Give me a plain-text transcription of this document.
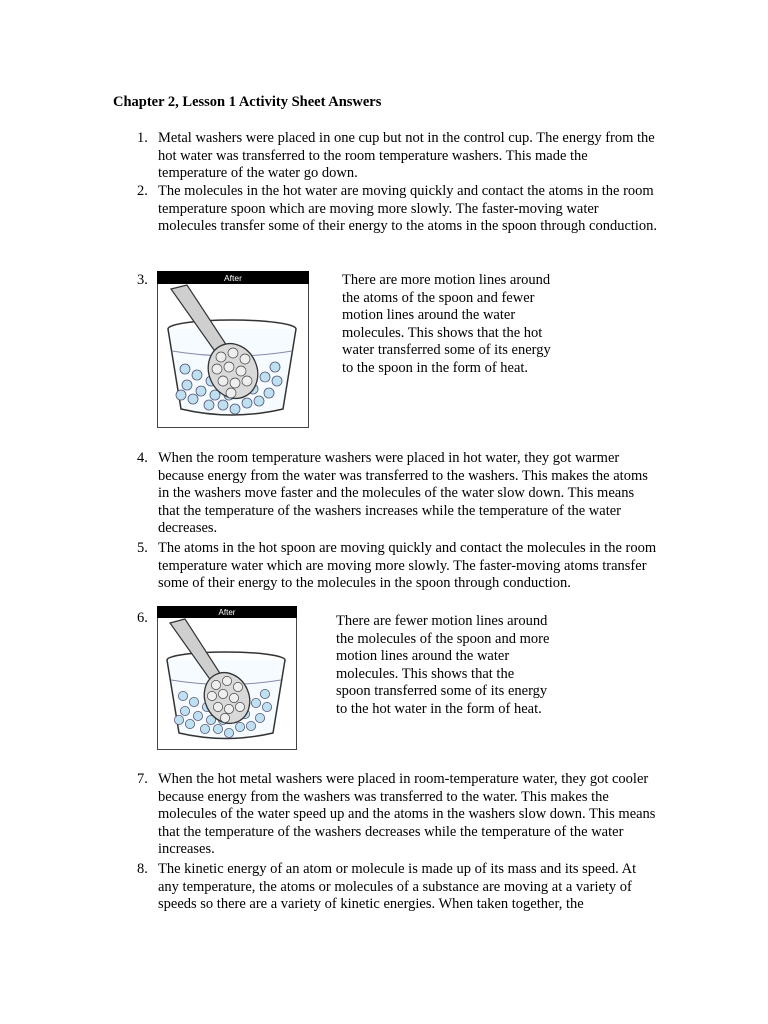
Chapter 2, Lesson 1 Activity Sheet Answers
1. Metal washers were placed in one cup but not in the control cup. The energy from the hot water was transferred to the room temperature washers. This made the temperature of the water go down.

2. The molecules in the hot water are moving quickly and contact the atoms in the room temperature spoon which are moving more slowly. The faster-moving water molecules transfer some of their energy to the atoms in the spoon through conduction.

3.	After	There are more motion lines around the atoms of the spoon and fewer motion lines around the water molecules. This shows that the hot water transferred some of its energy to the spoon in the form of heat.

4. When the room temperature washers were placed in hot water, they got warmer because energy from the water was transferred to the washers. This makes the atoms in the washers move faster and the molecules of the water slow down. This means that the temperature of the washers increases while the temperature of the water decreases.

5. The atoms in the hot spoon are moving quickly and contact the molecules in the room temperature water which are moving more slowly. The faster-moving atoms transfer some of their energy to the molecules in the spoon through conduction.

6.	After

There are fewer motion lines around the molecules of the spoon and more motion lines around the water molecules. This shows that the spoon transferred some of its energy to the hot water in the form of heat.

7. When the hot metal washers were placed in room-temperature water, they got cooler because energy from the washers was transferred to the water. This makes the molecules of the water speed up and the atoms in the washers slow down. This means that the temperature of the washers decreases while the temperature of the water increases.

8. The kinetic energy of an atom or molecule is made up of its mass and its speed. At any temperature, the atoms or molecules of a substance are moving at a variety of speeds so there are a variety of kinetic energies. When taken together, the
